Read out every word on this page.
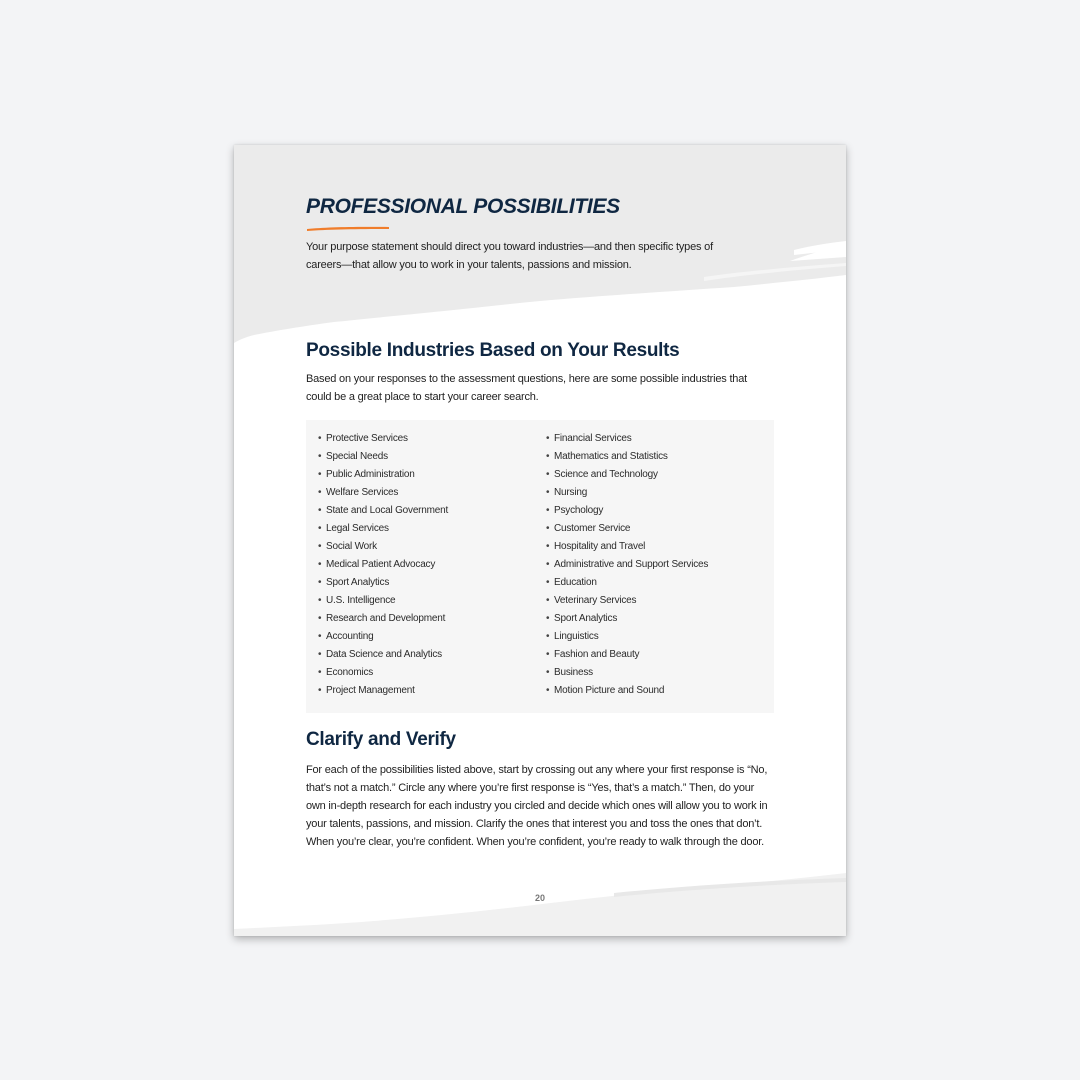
PROFESSIONAL POSSIBILITIES

Your purpose statement should direct you toward industries—and then specific types of careers—that allow you to work in your talents, passions and mission.

Possible Industries Based on Your Results

Based on your responses to the assessment questions, here are some possible industries that could be a great place to start your career search.

• Protective Services
• Special Needs
• Public Administration
• Welfare Services
• State and Local Government
• Legal Services
• Social Work
• Medical Patient Advocacy
• Sport Analytics
• U.S. Intelligence
• Research and Development
• Accounting
• Data Science and Analytics
• Economics
• Project Management
• Financial Services
• Mathematics and Statistics
• Science and Technology
• Nursing
• Psychology
• Customer Service
• Hospitality and Travel
• Administrative and Support Services
• Education
• Veterinary Services
• Sport Analytics
• Linguistics
• Fashion and Beauty
• Business
• Motion Picture and Sound
Clarify and Verify

For each of the possibilities listed above, start by crossing out any where your first response is “No, that’s not a match.” Circle any where you’re first response is “Yes, that’s a match.” Then, do your own in-depth research for each industry you circled and decide which ones will allow you to work in your talents, passions, and mission. Clarify the ones that interest you and toss the ones that don’t. When you’re clear, you’re confident. When you’re confident, you’re ready to walk through the door.

20
